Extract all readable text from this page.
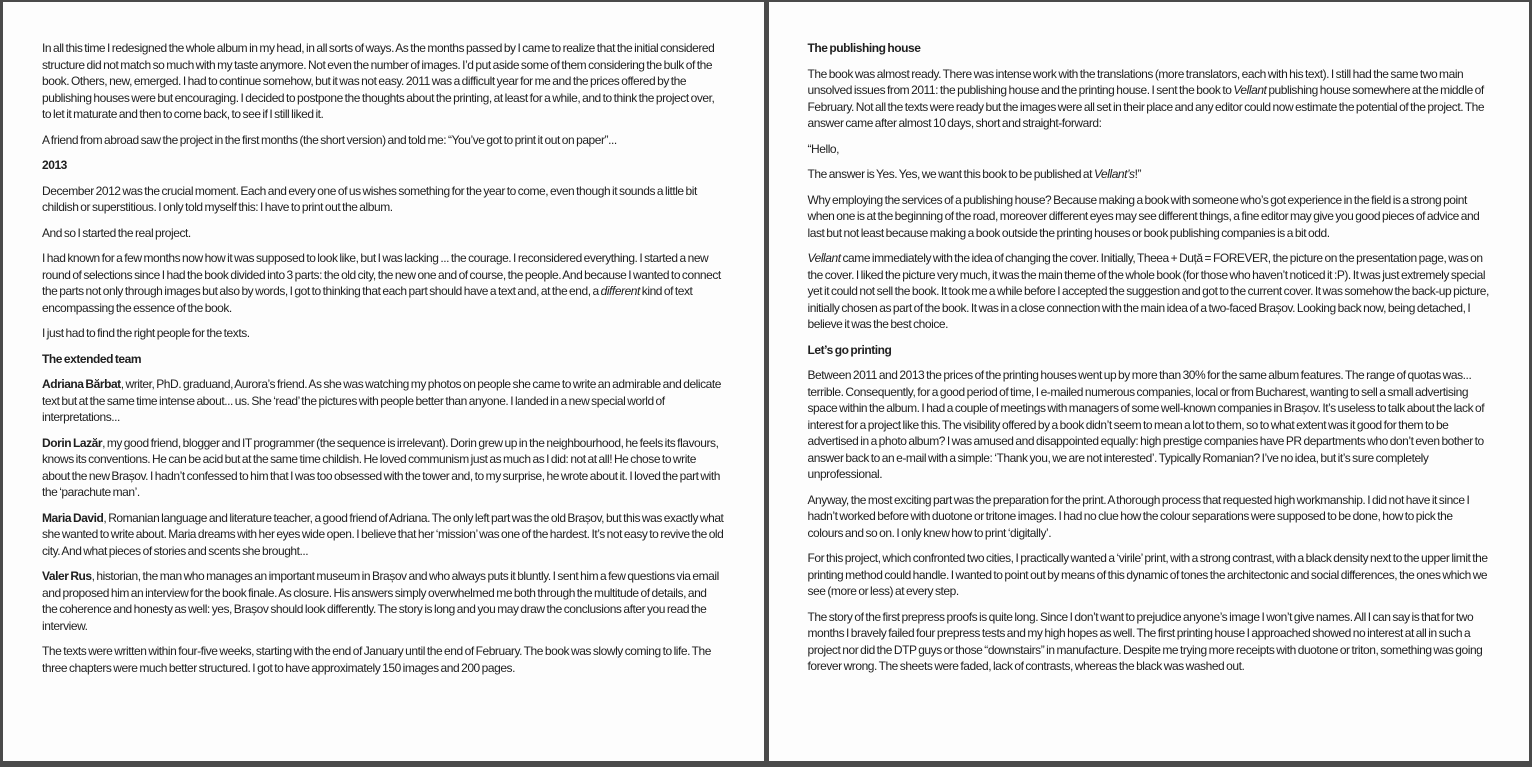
In all this time I redesigned the whole album in my head, in all sorts of ways. As the months passed by I came to realize that the initial considered structure did not match so much with my taste anymore. Not even the number of images. I’d put aside some of them considering the bulk of the book. Others, new, emerged. I had to continue somehow, but it was not easy. 2011 was a difficult year for me and the prices offered by the publishing houses were but encouraging. I decided to postpone the thoughts about the printing, at least for a while, and to think the project over, to let it maturate and then to come back, to see if I still liked it.

A friend from abroad saw the project in the first months (the short version) and told me: “You’ve got to print it out on paper”...

2013

December 2012 was the crucial moment. Each and every one of us wishes something for the year to come, even though it sounds a little bit childish or superstitious. I only told myself this: I have to print out the album.

And so I started the real project.

I had known for a few months now how it was supposed to look like, but I was lacking ... the courage. I reconsidered everything. I started a new round of selections since I had the book divided into 3 parts: the old city, the new one and of course, the people. And because I wanted to connect the parts not only through images but also by words, I got to thinking that each part should have a text and, at the end, a different kind of text encompassing the essence of the book.

I just had to find the right people for the texts.

The extended team

Adriana Bărbat, writer, PhD. graduand, Aurora’s friend. As she was watching my photos on people she came to write an admirable and delicate text but at the same time intense about... us. She ‘read’ the pictures with people better than anyone. I landed in a new special world of interpretations...

Dorin Lazăr, my good friend, blogger and IT programmer (the sequence is irrelevant). Dorin grew up in the neighbourhood, he feels its flavours, knows its conventions. He can be acid but at the same time childish. He loved communism just as much as I did: not at all! He chose to write about the new Brașov. I hadn’t confessed to him that I was too obsessed with the tower and, to my surprise, he wrote about it. I loved the part with the ‘parachute man’.

Maria David, Romanian language and literature teacher, a good friend of Adriana. The only left part was the old Brașov, but this was exactly what she wanted to write about. Maria dreams with her eyes wide open. I believe that her ‘mission’ was one of the hardest. It’s not easy to revive the old city. And what pieces of stories and scents she brought...

Valer Rus, historian, the man who manages an important museum in Brașov and who always puts it bluntly. I sent him a few questions via email and proposed him an interview for the book finale. As closure. His answers simply overwhelmed me both through the multitude of details, and the coherence and honesty as well: yes, Brașov should look differently. The story is long and you may draw the conclusions after you read the interview.

The texts were written within four-five weeks, starting with the end of January until the end of February. The book was slowly coming to life. The three chapters were much better structured. I got to have approximately 150 images and 200 pages.

The publishing house

The book was almost ready. There was intense work with the translations (more translators, each with his text). I still had the same two main unsolved issues from 2011: the publishing house and the printing house. I sent the book to Vellant publishing house somewhere at the middle of February. Not all the texts were ready but the images were all set in their place and any editor could now estimate the potential of the project. The answer came after almost 10 days, short and straight-forward:

“Hello,

The answer is Yes. Yes, we want this book to be published at Vellant’s!”

Why employing the services of a publishing house? Because making a book with someone who’s got experience in the field is a strong point when one is at the beginning of the road, moreover different eyes may see different things, a fine editor may give you good pieces of advice and last but not least because making a book outside the printing houses or book publishing companies is a bit odd.

Vellant came immediately with the idea of changing the cover. Initially, Theea + Duță = FOREVER, the picture on the presentation page, was on the cover. I liked the picture very much, it was the main theme of the whole book (for those who haven’t noticed it :P). It was just extremely special yet it could not sell the book. It took me a while before I accepted the suggestion and got to the current cover. It was somehow the back-up picture, initially chosen as part of the book. It was in a close connection with the main idea of a two-faced Brașov. Looking back now, being detached, I believe it was the best choice.

Let’s go printing

Between 2011 and 2013 the prices of the printing houses went up by more than 30% for the same album features. The range of quotas was... terrible. Consequently, for a good period of time, I e-mailed numerous companies, local or from Bucharest, wanting to sell a small advertising space within the album. I had a couple of meetings with managers of some well-known companies in Brașov. It’s useless to talk about the lack of interest for a project like this. The visibility offered by a book didn’t seem to mean a lot to them, so to what extent was it good for them to be advertised in a photo album? I was amused and disappointed equally: high prestige companies have PR departments who don’t even bother to answer back to an e-mail with a simple: ‘Thank you, we are not interested’. Typically Romanian? I’ve no idea, but it’s sure completely unprofessional.

Anyway, the most exciting part was the preparation for the print. A thorough process that requested high workmanship. I did not have it since I hadn’t worked before with duotone or tritone images. I had no clue how the colour separations were supposed to be done, how to pick the colours and so on. I only knew how to print ‘digitally’.

For this project, which confronted two cities, I practically wanted a ‘virile’ print, with a strong contrast, with a black density next to the upper limit the printing method could handle. I wanted to point out by means of this dynamic of tones the architectonic and social differences, the ones which we see (more or less) at every step.

The story of the first prepress proofs is quite long. Since I don’t want to prejudice anyone’s image I won’t give names. All I can say is that for two months I bravely failed four prepress tests and my high hopes as well. The first printing house I approached showed no interest at all in such a project nor did the DTP guys or those “downstairs” in manufacture. Despite me trying more receipts with duotone or triton, something was going forever wrong. The sheets were faded, lack of contrasts, whereas the black was washed out.
